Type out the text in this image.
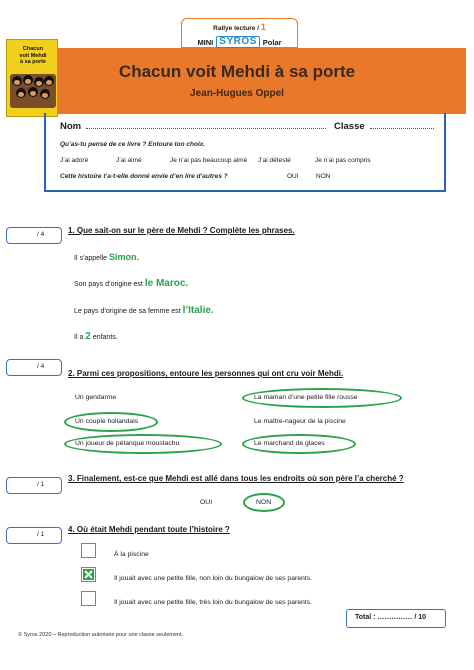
Rallye lecture / 1
MINI SYROS Polar
Chacun voit Mehdi à sa porte
Jean-Hugues Oppel
Chacun
voit Mehdi
à sa porte
Nom	Classe
Qu’as-tu pensé de ce livre ? Entoure ton choix.
J’ai adoré	J’ai aimé	Je n’ai pas beaucoup aimé J’ai détesté	Je n’ai pas compris
Cette histoire t’a-t-elle donné envie d’en lire d’autres ?	OUI	NON
/ 4	1. Que sait-on sur le père de Mehdi ? Complète les phrases.
Il s’appelle Simon.
Son pays d’origine est le Maroc.
Le pays d’origine de sa femme est l’Italie.
Il a 2 enfants.
/ 4
2. Parmi ces propositions, entoure les personnes qui ont cru voir Mehdi.
Un gendarme	La maman d’une petite fille rousse
Un couple hollandais	Le maître-nageur de la piscine
Un joueur de pétanque moustachu	Le marchand de glaces
/ 1
3. Finalement, est-ce que Mehdi est allé dans tous les endroits où son père l’a cherché ?
OUI	NON
/ 1
4. Où était Mehdi pendant toute l’histoire ?
À la piscine
Il jouait avec une petite fille, non loin du bungalow de ses parents.
Il jouait avec une petite fille, très loin du bungalow de ses parents.
Total : …………… / 10
© Syros 2020 – Reproduction autorisée pour une classe seulement.
